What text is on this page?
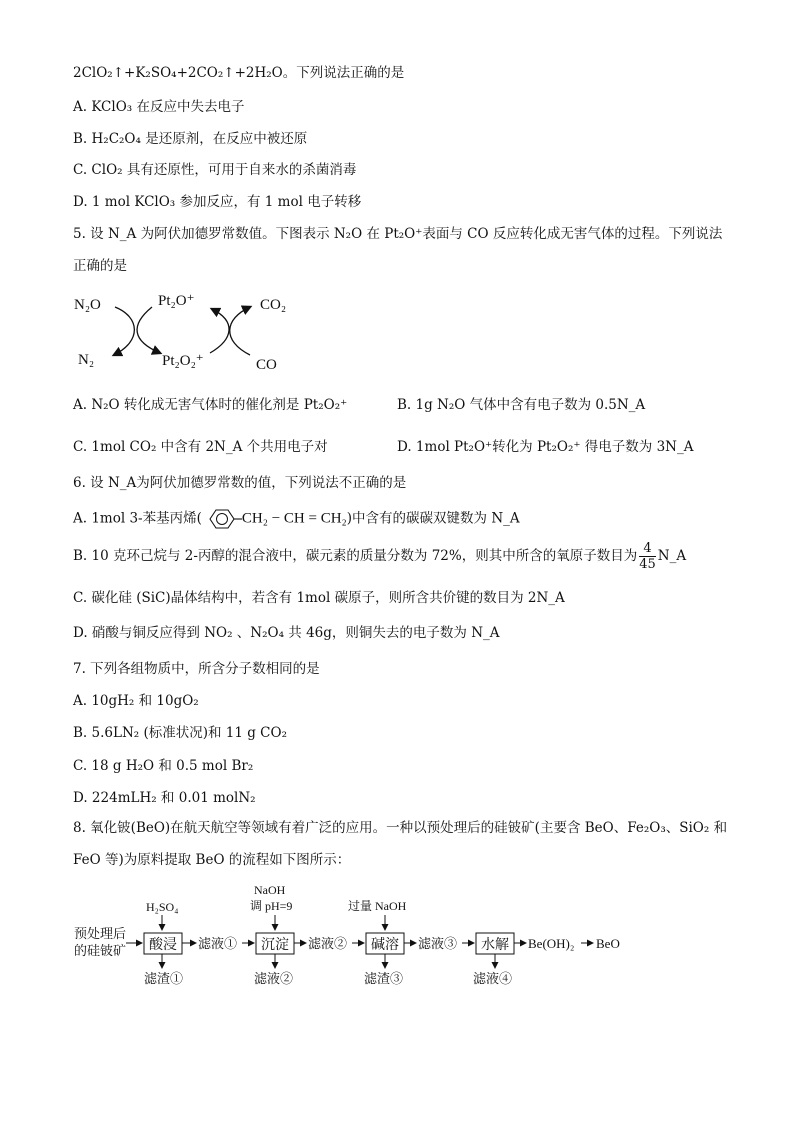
2ClO₂↑+K₂SO₄+2CO₂↑+2H₂O。下列说法正确的是
A. KClO₃ 在反应中失去电子
B. H₂C₂O₄ 是还原剂，在反应中被还原
C. ClO₂ 具有还原性，可用于自来水的杀菌消毒
D. 1 mol KClO₃ 参加反应，有 1 mol 电子转移
5. 设 N_A 为阿伏加德罗常数值。下图表示 N₂O 在 Pt₂O⁺表面与 CO 反应转化成无害气体的过程。下列说法
正确的是
N₂O
N₂
Pt₂O⁺
Pt₂O₂⁺
CO₂
CO
A. N₂O 转化成无害气体时的催化剂是 Pt₂O₂⁺	B. 1g N₂O 气体中含有电子数为 0.5N_A
C. 1mol CO₂ 中含有 2N_A 个共用电子对	D. 1mol Pt₂O⁺转化为 Pt₂O₂⁺ 得电子数为 3N_A
6. 设 N_A为阿伏加德罗常数的值，下列说法不正确的是
A. 1mol 3-苯基丙烯(	CH₂ − CH = CH₂)中含有的碳碳双键数为 N_A
B. 10 克环己烷与 2-丙醇的混合液中，碳元素的质量分数为 72%，则其中所含的氧原子数目为 $\frac{4}{45}$ N_A
C. 碳化硅 (SiC)晶体结构中，若含有 1mol 碳原子，则所含共价键的数目为 2N_A
D. 硝酸与铜反应得到 NO₂ 、N₂O₄ 共 46g，则铜失去的电子数为 N_A
7. 下列各组物质中，所含分子数相同的是
A. 10gH₂ 和 10gO₂
B. 5.6LN₂ (标准状况)和 11 g CO₂
C. 18 g H₂O 和 0.5 mol Br₂
D. 224mLH₂ 和 0.01 molN₂
8. 氧化铍(BeO)在航天航空等领域有着广泛的应用。一种以预处理后的硅铍矿(主要含 BeO、Fe₂O₃、SiO₂ 和
FeO 等)为原料提取 BeO 的流程如下图所示：
预处理后
的硅铍矿
H₂SO₄
酸浸
滤渣①
滤液①
NaOH
调 pH=9
沉淀
滤液②
滤液②
过量 NaOH
碱溶
滤渣③
滤液③ 水解
滤液④
Be(OH)₂ BeO
